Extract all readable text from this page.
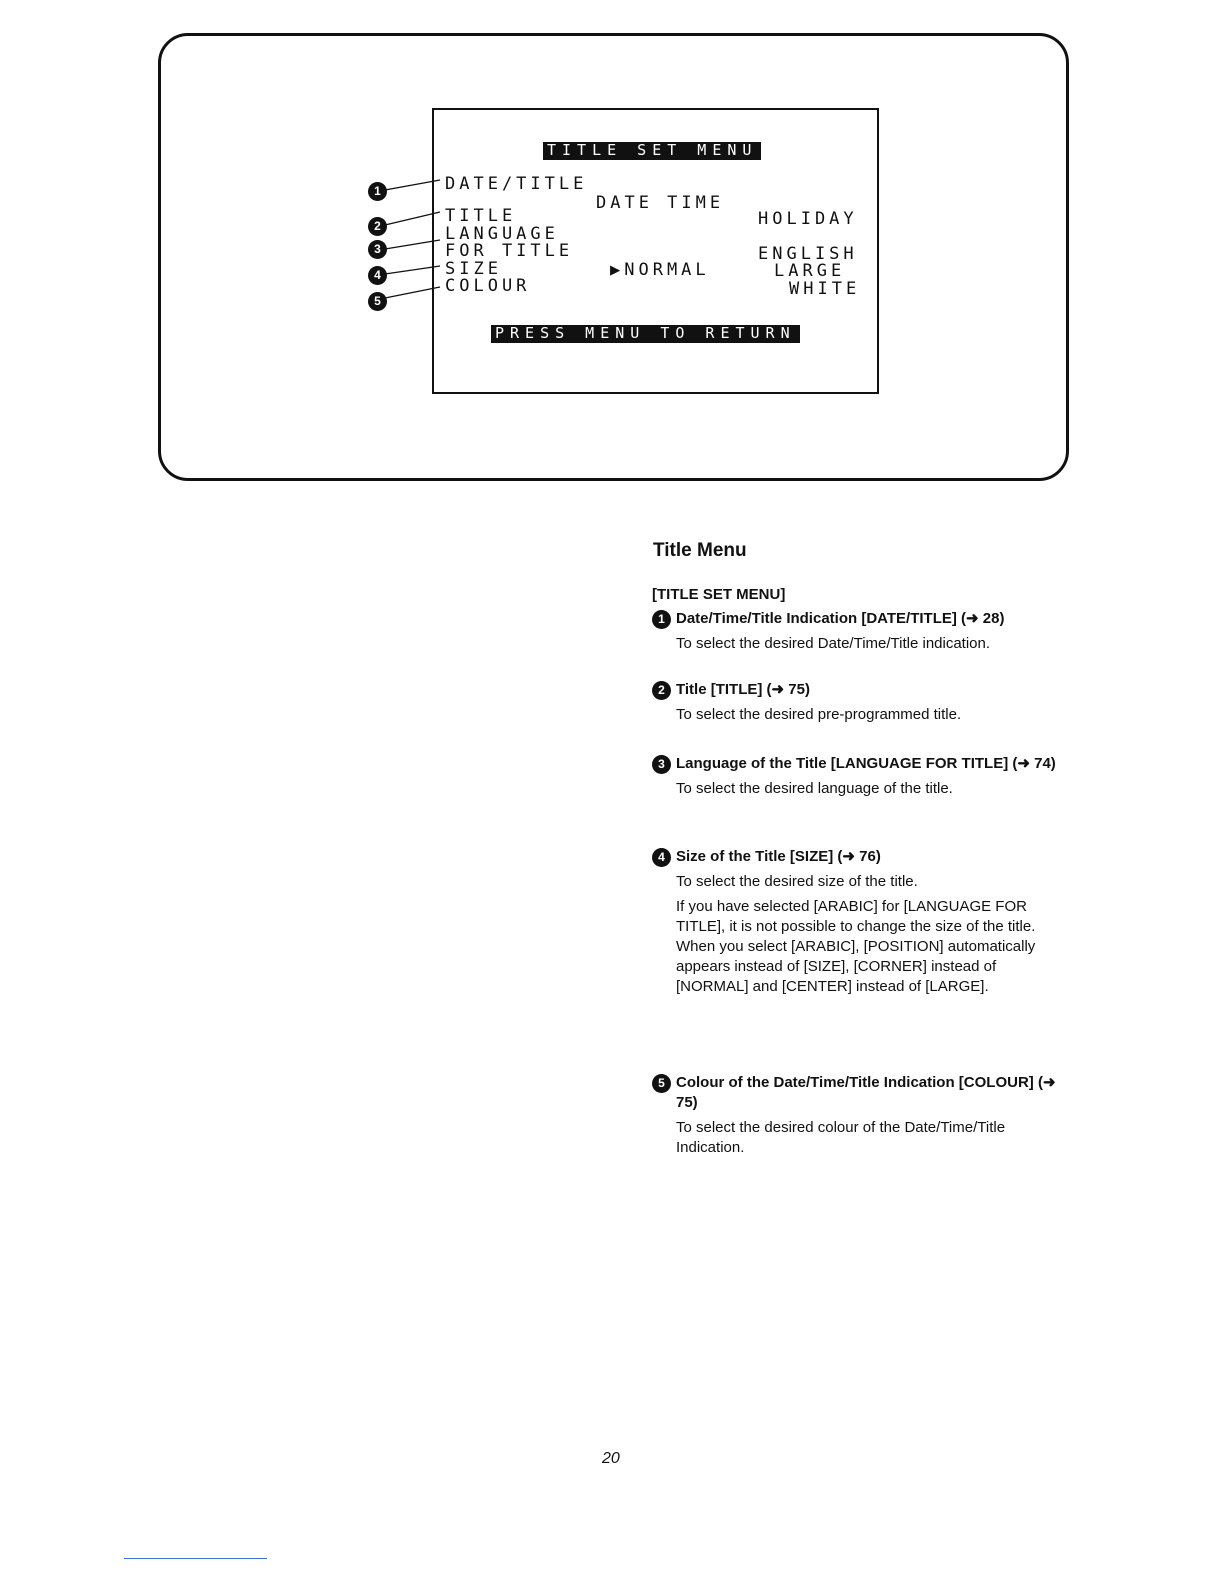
TITLE SET MENU
DATE/TITLE
DATE TIME
TITLE	HOLIDAY
LANGUAGE
FOR TITLE	ENGLISH
SIZE	▶NORMAL	LARGE
COLOUR	WHITE
PRESS MENU TO RETURN
1
2
3
4
5
Title Menu
[TITLE SET MENU]
1 Date/Time/Title Indication [DATE/TITLE] (➜ 28)

To select the desired Date/Time/Title indication.

2 Title [TITLE] (➜ 75)

To select the desired pre-programmed title.

3 Language of the Title [LANGUAGE FOR TITLE] (➜ 74)

To select the desired language of the title.

4 Size of the Title [SIZE] (➜ 76)

To select the desired size of the title.

If you have selected [ARABIC] for [LANGUAGE FOR TITLE], it is not possible to change the size of the title. When you select [ARABIC], [POSITION] automatically appears instead of [SIZE], [CORNER] instead of [NORMAL] and [CENTER] instead of [LARGE].

5 Colour of the Date/Time/Title Indication [COLOUR] (➜ 75)

To select the desired colour of the Date/Time/Title Indication.

20
